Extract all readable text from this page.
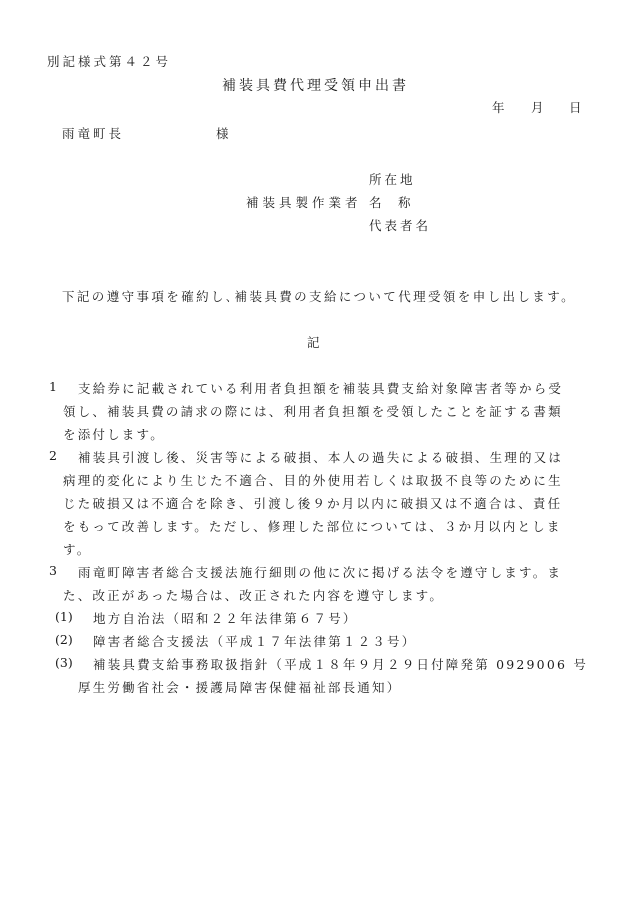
別記様式第４２号
補装具費代理受領申出書
年 月 日
雨竜町長	様
所在地
補装具製作業者 名　称
代表者名
下記の遵守事項を確約し､補装具費の支給について代理受領を申し出します。
記
1 支給券に記載されている利用者負担額を補装具費支給対象障害者等から受
領し、補装具費の請求の際には、利用者負担額を受領したことを証する書類
を添付します。
2 補装具引渡し後、災害等による破損、本人の過失による破損、生理的又は
病理的変化により生じた不適合、目的外使用若しくは取扱不良等のために生
じた破損又は不適合を除き、引渡し後９か月以内に破損又は不適合は、責任
をもって改善します。ただし、修理した部位については、３か月以内としま
す。
3 雨竜町障害者総合支援法施行細則の他に次に掲げる法令を遵守します。ま
た、改正があった場合は、改正された内容を遵守します。
(1) 地方自治法（昭和２２年法律第６７号）
(2) 障害者総合支援法（平成１７年法律第１２３号）
(3) 補装具費支給事務取扱指針（平成１８年９月２９日付障発第 0929006 号
厚生労働省社会・援護局障害保健福祉部長通知）
